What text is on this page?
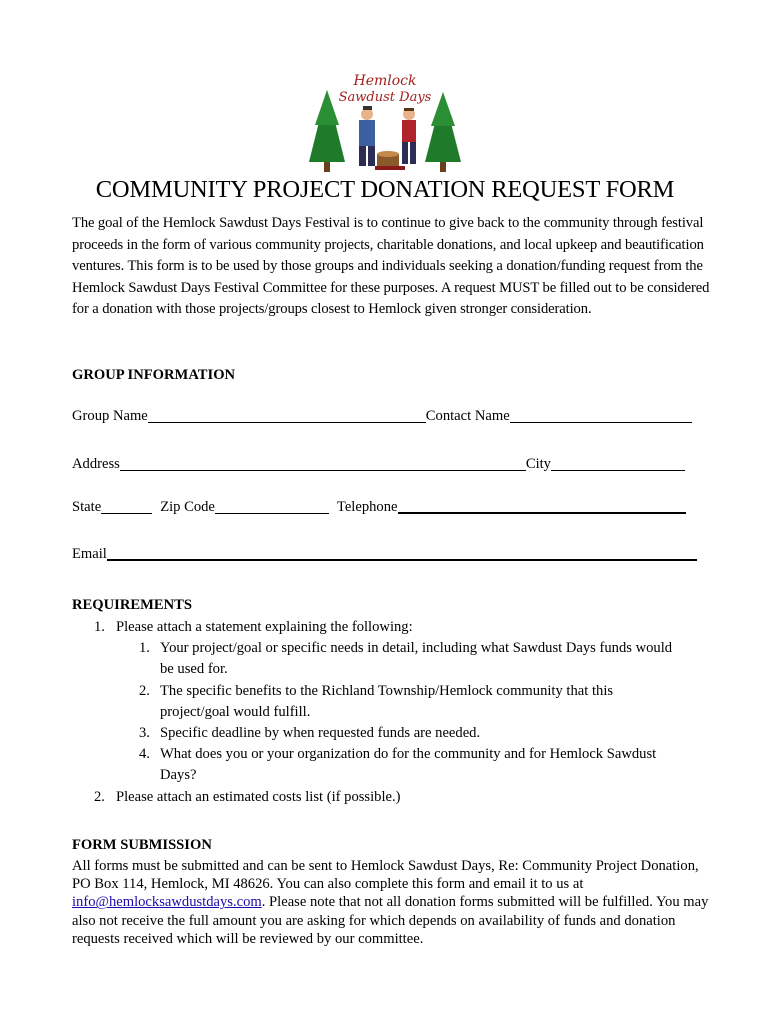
Hemlock
Sawdust Days
COMMUNITY PROJECT DONATION REQUEST FORM

The goal of the Hemlock Sawdust Days Festival is to continue to give back to the community through festival proceeds in the form of various community projects, charitable donations, and local upkeep and beautification ventures. This form is to be used by those groups and individuals seeking a donation/funding request from the Hemlock Sawdust Days Festival Committee for these purposes. A request MUST be filled out to be considered for a donation with those projects/groups closest to Hemlock given stronger consideration.

GROUP INFORMATION
Group Name	Contact Name
Address	City
State	Zip Code	Telephone
Email
REQUIREMENTS
1. Please attach a statement explaining the following:
1. Your project/goal or specific needs in detail, including what Sawdust Days funds would
be used for.
2. The specific benefits to the Richland Township/Hemlock community that this
project/goal would fulfill.
3. Specific deadline by when requested funds are needed.
4. What does you or your organization do for the community and for Hemlock Sawdust
Days?
2. Please attach an estimated costs list (if possible.)
FORM SUBMISSION

All forms must be submitted and can be sent to Hemlock Sawdust Days, Re: Community Project Donation, PO Box 114, Hemlock, MI 48626. You can also complete this form and email it to us at info@hemlocksawdustdays.com. Please note that not all donation forms submitted will be fulfilled. You may also not receive the full amount you are asking for which depends on availability of funds and donation requests received which will be reviewed by our committee.
